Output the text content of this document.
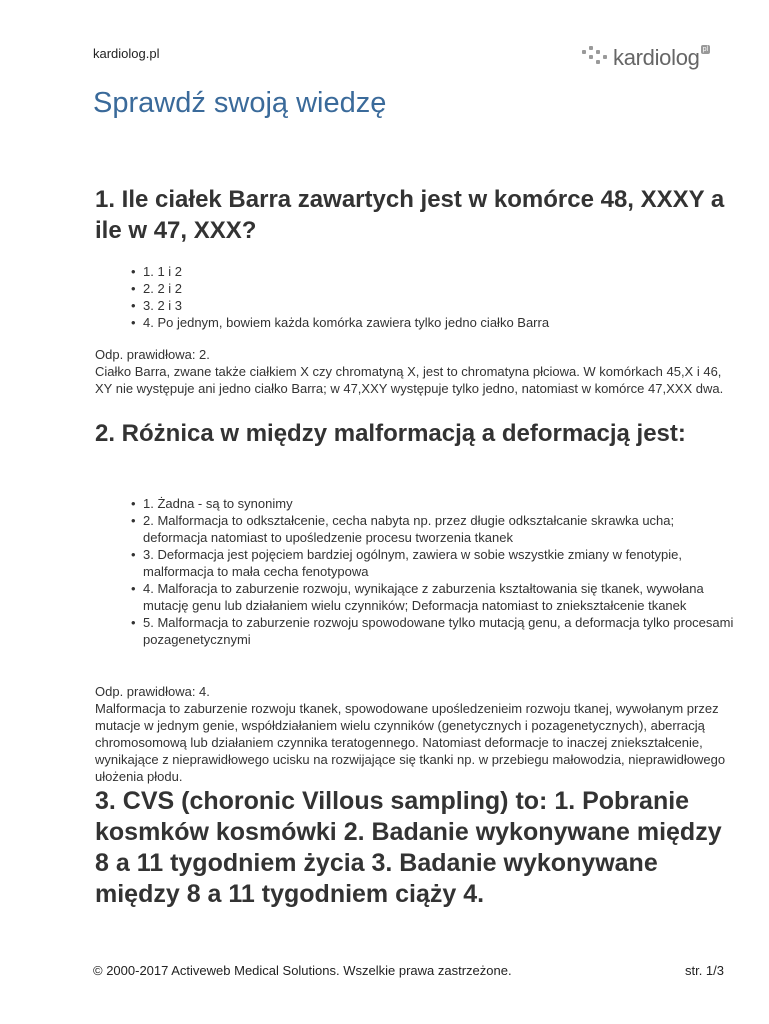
kardiolog.pl	kardiolog pl
Sprawdź swoją wiedzę
1. Ile ciałek Barra zawartych jest w komórce 48, XXXY a ile w 47, XXX?
• 1. 1 i 2
• 2. 2 i 2
• 3. 2 i 3
• 4. Po jednym, bowiem każda komórka zawiera tylko jedno ciałko Barra
Odp. prawidłowa: 2.
Ciałko Barra, zwane także ciałkiem X czy chromatyną X, jest to chromatyna płciowa. W komórkach 45,X i 46, XY nie występuje ani jedno ciałko Barra; w 47,XXY występuje tylko jedno, natomiast w komórce 47,XXX dwa.
2. Różnica w między malformacją a deformacją jest:
• 1. Żadna - są to synonimy
• 2. Malformacja to odkształcenie, cecha nabyta np. przez długie odkształcanie skrawka ucha; deformacja natomiast to upośledzenie procesu tworzenia tkanek
• 3. Deformacja jest pojęciem bardziej ogólnym, zawiera w sobie wszystkie zmiany w fenotypie, malformacja to mała cecha fenotypowa
• 4. Malforacja to zaburzenie rozwoju, wynikające z zaburzenia kształtowania się tkanek, wywołana mutację genu lub działaniem wielu czynników; Deformacja natomiast to zniekształcenie tkanek
• 5. Malformacja to zaburzenie rozwoju spowodowane tylko mutacją genu, a deformacja tylko procesami pozagenetycznymi
Odp. prawidłowa: 4.
Malformacja to zaburzenie rozwoju tkanek, spowodowane upośledzenieim rozwoju tkanej, wywołanym przez mutacje w jednym genie, współdziałaniem wielu czynników (genetycznych i pozagenetycznych), aberracją chromosomową lub działaniem czynnika teratogennego. Natomiast deformacje to inaczej zniekształcenie, wynikające z nieprawidłowego ucisku na rozwijające się tkanki np. w przebiegu małowodzia, nieprawidłowego ułożenia płodu.
3. CVS (choronic Villous sampling) to: 1. Pobranie kosmków kosmówki 2. Badanie wykonywane między 8 a 11 tygodniem życia 3. Badanie wykonywane między 8 a 11 tygodniem ciąży 4.
© 2000-2017 Activeweb Medical Solutions. Wszelkie prawa zastrzeżone.	str. 1/3
